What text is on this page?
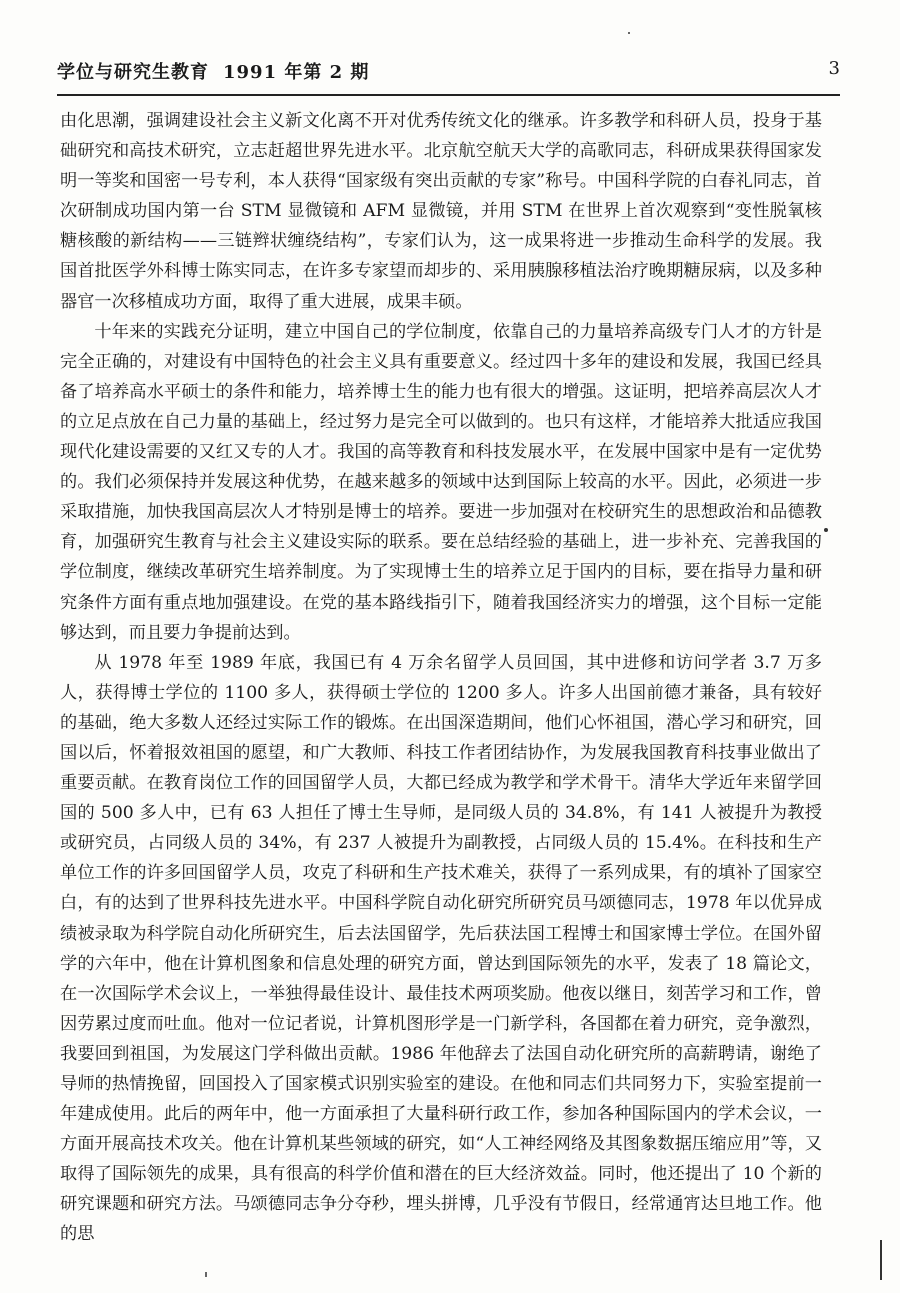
学位与研究生教育 1991 年第 2 期	3

由化思潮，强调建设社会主义新文化离不开对优秀传统文化的继承。许多教学和科研人员，投身于基础研究和高技术研究，立志赶超世界先进水平。北京航空航天大学的高歌同志，科研成果获得国家发明一等奖和国密一号专利，本人获得“国家级有突出贡献的专家”称号。中国科学院的白春礼同志，首次研制成功国内第一台 STM 显微镜和 AFM 显微镜，并用 STM 在世界上首次观察到“变性脱氧核糖核酸的新结构——三链辫状缠绕结构”，专家们认为，这一成果将进一步推动生命科学的发展。我国首批医学外科博士陈实同志，在许多专家望而却步的、采用胰腺移植法治疗晚期糖尿病，以及多种器官一次移植成功方面，取得了重大进展，成果丰硕。

十年来的实践充分证明，建立中国自己的学位制度，依靠自己的力量培养高级专门人才的方针是完全正确的，对建设有中国特色的社会主义具有重要意义。经过四十多年的建设和发展，我国已经具备了培养高水平硕士的条件和能力，培养博士生的能力也有很大的增强。这证明，把培养高层次人才的立足点放在自己力量的基础上，经过努力是完全可以做到的。也只有这样，才能培养大批适应我国现代化建设需要的又红又专的人才。我国的高等教育和科技发展水平，在发展中国家中是有一定优势的。我们必须保持并发展这种优势，在越来越多的领域中达到国际上较高的水平。因此，必须进一步采取措施，加快我国高层次人才特别是博士的培养。要进一步加强对在校研究生的思想政治和品德教育，加强研究生教育与社会主义建设实际的联系。要在总结经验的基础上，进一步补充、完善我国的学位制度，继续改革研究生培养制度。为了实现博士生的培养立足于国内的目标，要在指导力量和研究条件方面有重点地加强建设。在党的基本路线指引下，随着我国经济实力的增强，这个目标一定能够达到，而且要力争提前达到。

从 1978 年至 1989 年底，我国已有 4 万余名留学人员回国，其中进修和访问学者 3.7 万多人，获得博士学位的 1100 多人，获得硕士学位的 1200 多人。许多人出国前德才兼备，具有较好的基础，绝大多数人还经过实际工作的锻炼。在出国深造期间，他们心怀祖国，潜心学习和研究，回国以后，怀着报效祖国的愿望，和广大教师、科技工作者团结协作，为发展我国教育科技事业做出了重要贡献。在教育岗位工作的回国留学人员，大都已经成为教学和学术骨干。清华大学近年来留学回国的 500 多人中，已有 63 人担任了博士生导师，是同级人员的 34.8%，有 141 人被提升为教授或研究员，占同级人员的 34%，有 237 人被提升为副教授，占同级人员的 15.4%。在科技和生产单位工作的许多回国留学人员，攻克了科研和生产技术难关，获得了一系列成果，有的填补了国家空白，有的达到了世界科技先进水平。中国科学院自动化研究所研究员马颂德同志，1978 年以优异成绩被录取为科学院自动化所研究生，后去法国留学，先后获法国工程博士和国家博士学位。在国外留学的六年中，他在计算机图象和信息处理的研究方面，曾达到国际领先的水平，发表了 18 篇论文，在一次国际学术会议上，一举独得最佳设计、最佳技术两项奖励。他夜以继日，刻苦学习和工作，曾因劳累过度而吐血。他对一位记者说，计算机图形学是一门新学科，各国都在着力研究，竞争激烈，我要回到祖国，为发展这门学科做出贡献。1986 年他辞去了法国自动化研究所的高薪聘请，谢绝了导师的热情挽留，回国投入了国家模式识别实验室的建设。在他和同志们共同努力下，实验室提前一年建成使用。此后的两年中，他一方面承担了大量科研行政工作，参加各种国际国内的学术会议，一方面开展高技术攻关。他在计算机某些领域的研究，如“人工神经网络及其图象数据压缩应用”等，又取得了国际领先的成果，具有很高的科学价值和潜在的巨大经济效益。同时，他还提出了 10 个新的研究课题和研究方法。马颂德同志争分夺秒，埋头拼博，几乎没有节假日，经常通宵达旦地工作。他的思
